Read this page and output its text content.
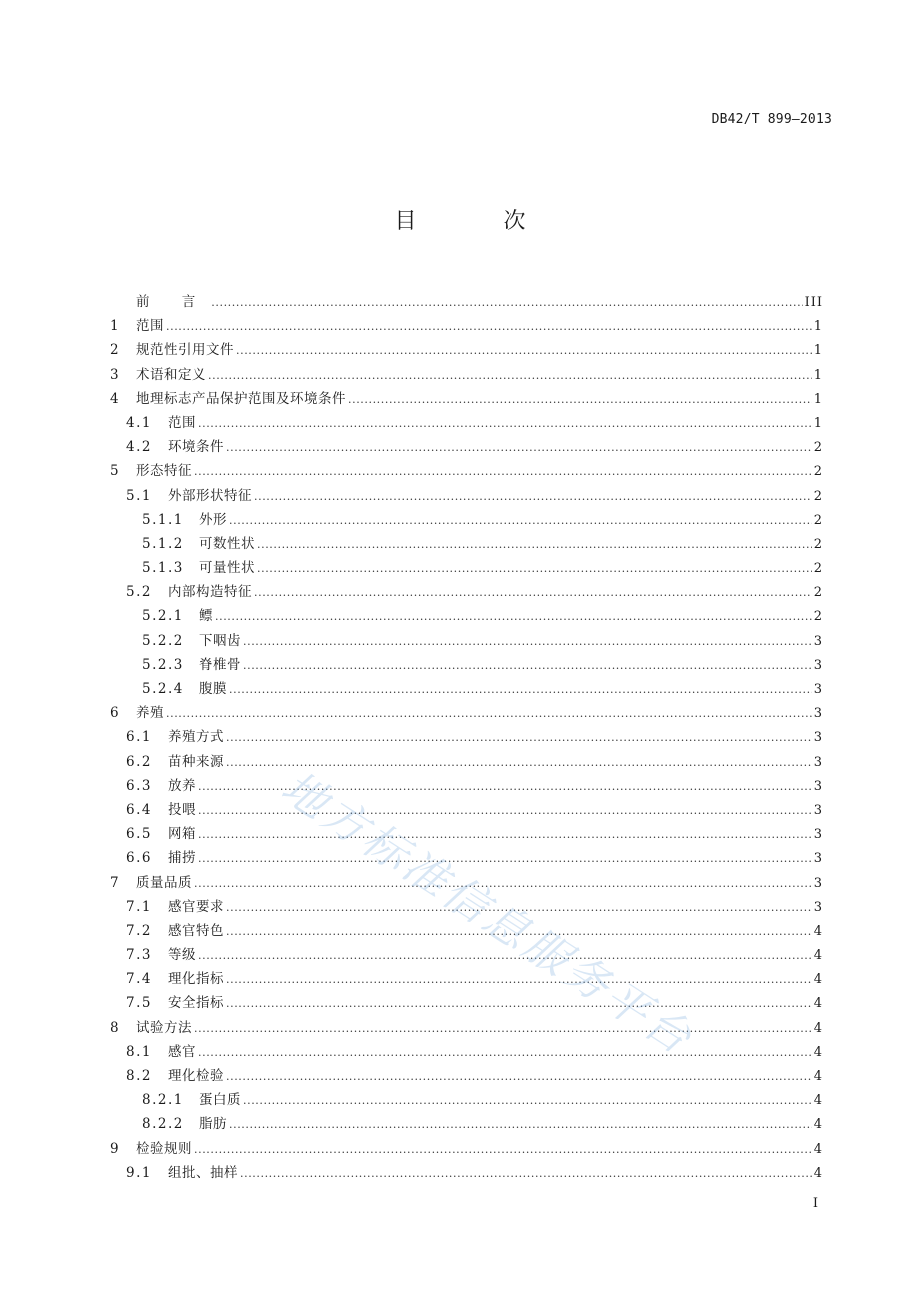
DB42/T 899—2013
目 次
前 言 .....	III
1	范围 .....	1
2	规范性引用文件 .....	1
3	术语和定义 .....	1
4	地理标志产品保护范围及环境条件 .....	1
4.1	范围 .....	1
4.2	环境条件 .....	2
5	形态特征 .....	2
5.1	外部形状特征 .....	2
5.1.1	外形 .....	2
5.1.2	可数性状 .....	2
5.1.3	可量性状 .....	2
5.2	内部构造特征 .....	2
5.2.1	鳔 .....	2
5.2.2	下咽齿 .....	3
5.2.3	脊椎骨 .....	3
5.2.4	腹膜 .....	3
6	养殖 .....	3
6.1	养殖方式 .....	3
6.2	苗种来源 .....	3
6.3	放养 .....	3
6.4	投喂 .....	3
6.5	网箱 .....	3
6.6	捕捞 .....	3
7	质量品质 .....	3
7.1	感官要求 .....	3
7.2	感官特色 .....	4
7.3	等级 .....	4
7.4	理化指标 .....	4
7.5	安全指标 .....	4
8	试验方法 .....	4
8.1	感官 .....	4
8.2	理化检验 .....	4
8.2.1	蛋白质 .....	4
8.2.2	脂肪 .....	4
9	检验规则 .....	4
9.1	组批、抽样 .....	4
I
地方标准信息服务平台
